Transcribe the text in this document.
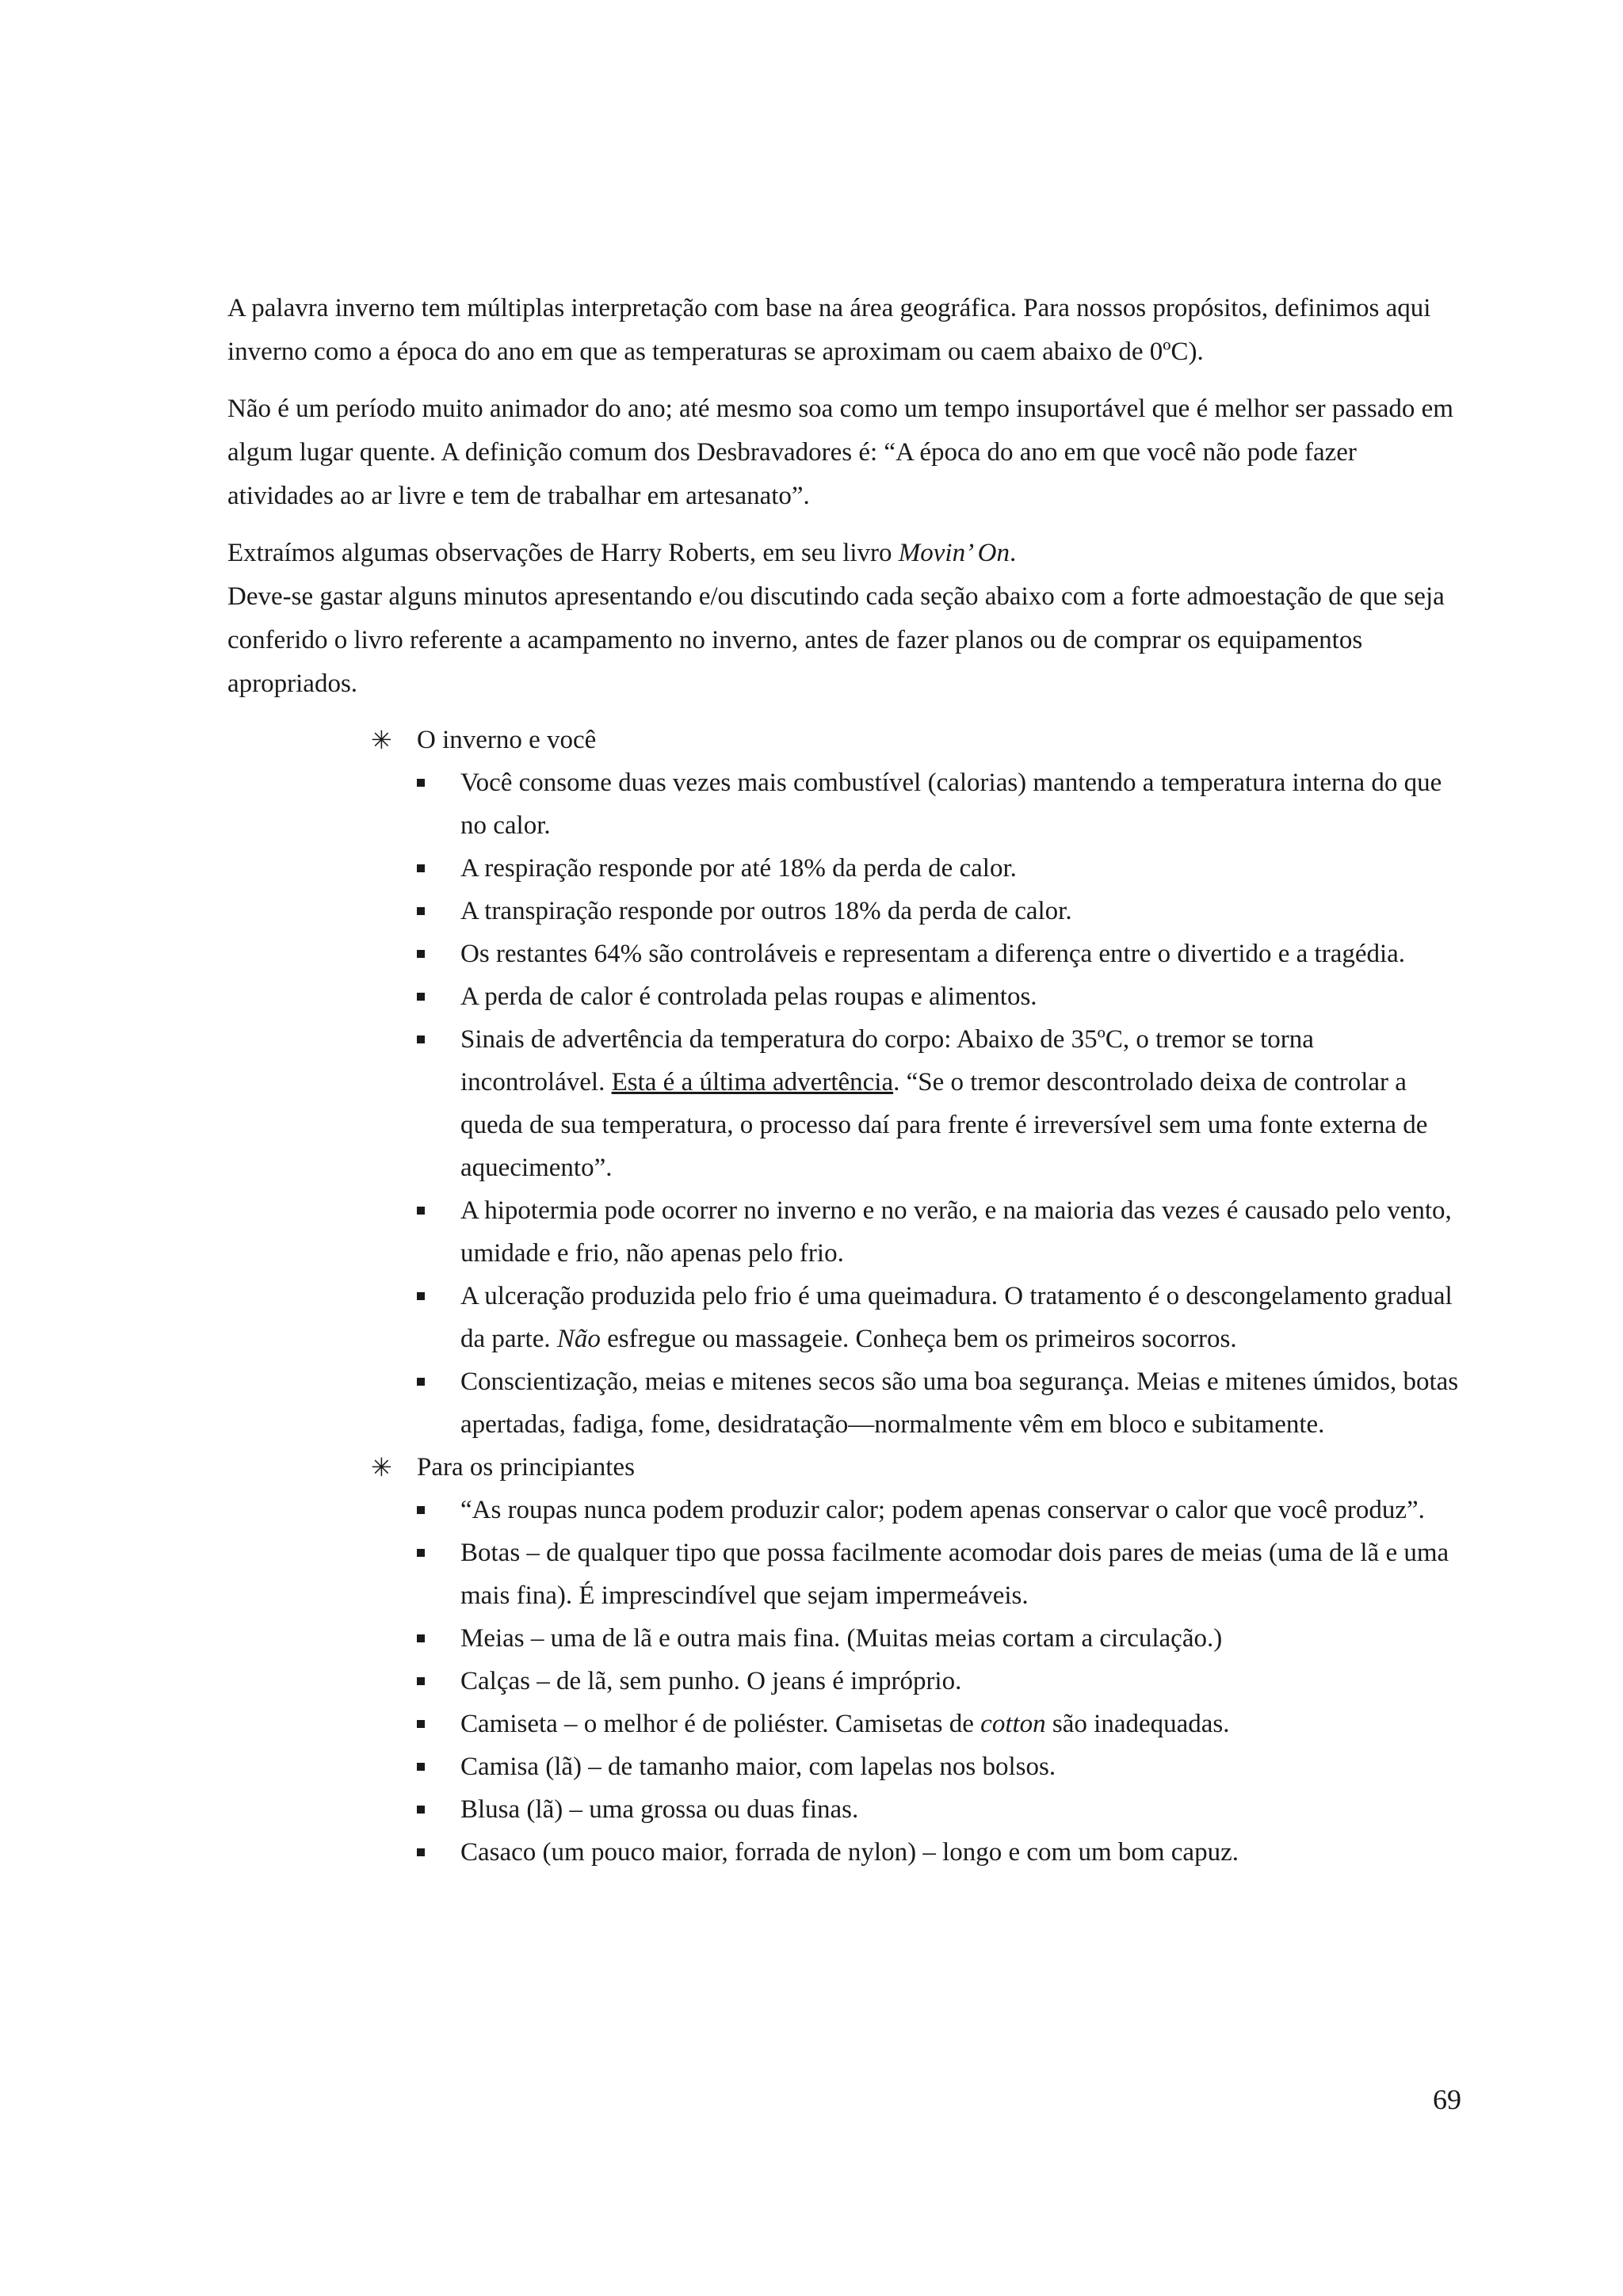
A palavra inverno tem múltiplas interpretação com base na área geográfica. Para nossos propósitos, definimos aqui inverno como a época do ano em que as temperaturas se aproximam ou caem abaixo de 0ºC).

Não é um período muito animador do ano; até mesmo soa como um tempo insuportável que é melhor ser passado em algum lugar quente. A definição comum dos Desbravadores é: “A época do ano em que você não pode fazer atividades ao ar livre e tem de trabalhar em artesanato”.

Extraímos algumas observações de Harry Roberts, em seu livro Movin’ On.

Deve-se gastar alguns minutos apresentando e/ou discutindo cada seção abaixo com a forte admoestação de que seja conferido o livro referente a acampamento no inverno, antes de fazer planos ou de comprar os equipamentos apropriados.

✳ O inverno e você

Você consome duas vezes mais combustível (calorias) mantendo a temperatura interna do que no calor.
A respiração responde por até 18% da perda de calor.
A transpiração responde por outros 18% da perda de calor.
Os restantes 64% são controláveis e representam a diferença entre o divertido e a tragédia.
A perda de calor é controlada pelas roupas e alimentos.
Sinais de advertência da temperatura do corpo: Abaixo de 35ºC, o tremor se torna incontrolável. Esta é a última advertência. “Se o tremor descontrolado deixa de controlar a queda de sua temperatura, o processo daí para frente é irreversível sem uma fonte externa de aquecimento”.
A hipotermia pode ocorrer no inverno e no verão, e na maioria das vezes é causado pelo vento, umidade e frio, não apenas pelo frio.
A ulceração produzida pelo frio é uma queimadura. O tratamento é o descongelamento gradual da parte. Não esfregue ou massageie. Conheça bem os primeiros socorros.
Conscientização, meias e mitenes secos são uma boa segurança. Meias e mitenes úmidos, botas apertadas, fadiga, fome, desidratação—normalmente vêm em bloco e subitamente.

✳ Para os principiantes

“As roupas nunca podem produzir calor; podem apenas conservar o calor que você produz”.
Botas – de qualquer tipo que possa facilmente acomodar dois pares de meias (uma de lã e uma mais fina). É imprescindível que sejam impermeáveis.
Meias – uma de lã e outra mais fina. (Muitas meias cortam a circulação.)
Calças – de lã, sem punho. O jeans é impróprio.
Camiseta – o melhor é de poliéster. Camisetas de cotton são inadequadas.
Camisa (lã) – de tamanho maior, com lapelas nos bolsos.
Blusa (lã) – uma grossa ou duas finas.
Casaco (um pouco maior, forrada de nylon) – longo e com um bom capuz.
69
